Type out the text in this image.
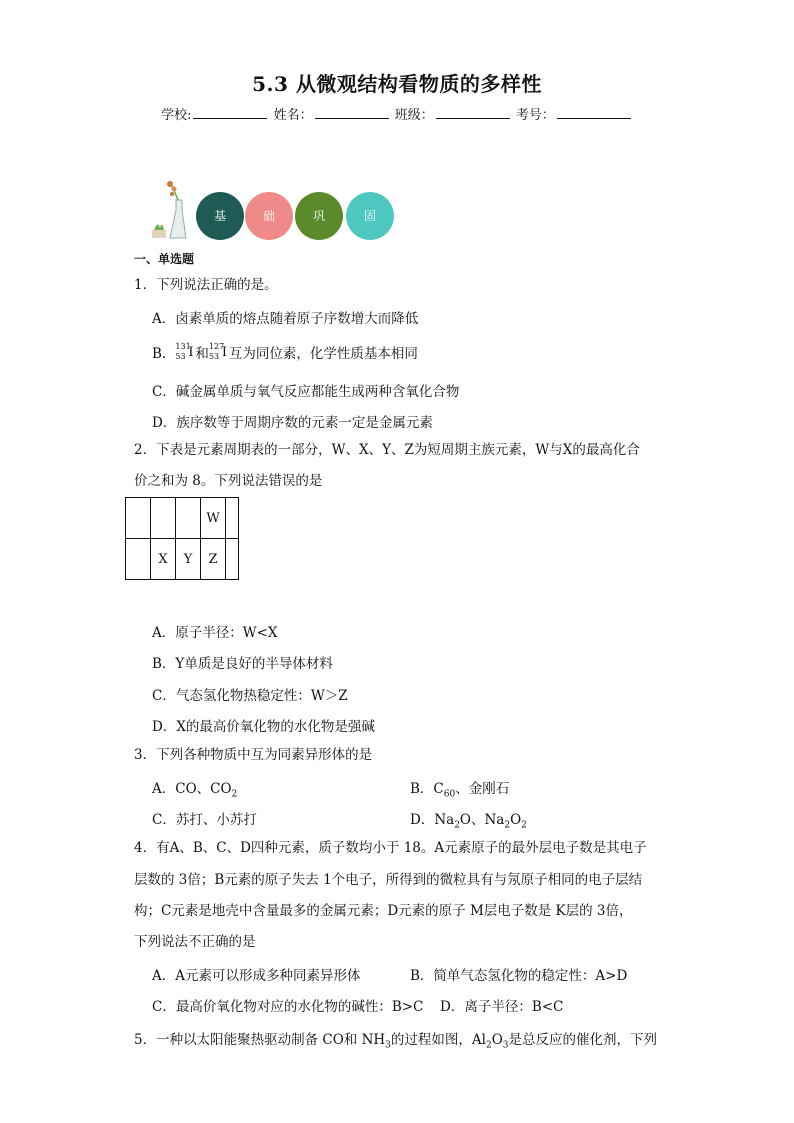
5.3 从微观结构看物质的多样性
学校:	姓名：	班级：	考号：
基	础	巩	固
一、单选题
1．下列说法正确的是。
A．卤素单质的熔点随着原子序数增大而降低
B． 131
53 I 和 127
53 I 互为同位素，化学性质基本相同
C．碱金属单质与氧气反应都能生成两种含氧化合物
D．族序数等于周期序数的元素一定是金属元素
2．下表是元素周期表的一部分，W、X、Y、Z为短周期主族元素，W与X的最高化合
价之和为 8。下列说法错误的是
			W	
	X	Y	Z	
A．原子半径：W<X
B．Y单质是良好的半导体材料
C．气态氢化物热稳定性：W＞Z
D．X的最高价氧化物的水化物是强碱
3．下列各种物质中互为同素异形体的是
A．CO、$CO_2$	B．$C_{60}$、金刚石
C．苏打、小苏打	D．$Na_2O$、$Na_2O_2$
4．有A、B、C、D四种元素，质子数均小于 18。A元素原子的最外层电子数是其电子
层数的 3倍；B元素的原子失去 1个电子，所得到的微粒具有与氖原子相同的电子层结
构；C元素是地壳中含量最多的金属元素；D元素的原子 M层电子数是 K层的 3倍，
下列说法不正确的是
A．A元素可以形成多种同素异形体	B．简单气态氢化物的稳定性：A>D
C．最高价氧化物对应的水化物的碱性：B>C D．离子半径：B<C
5．一种以太阳能聚热驱动制备 CO和 $NH_3$的过程如图，$Al_2O_3$是总反应的催化剂，下列
